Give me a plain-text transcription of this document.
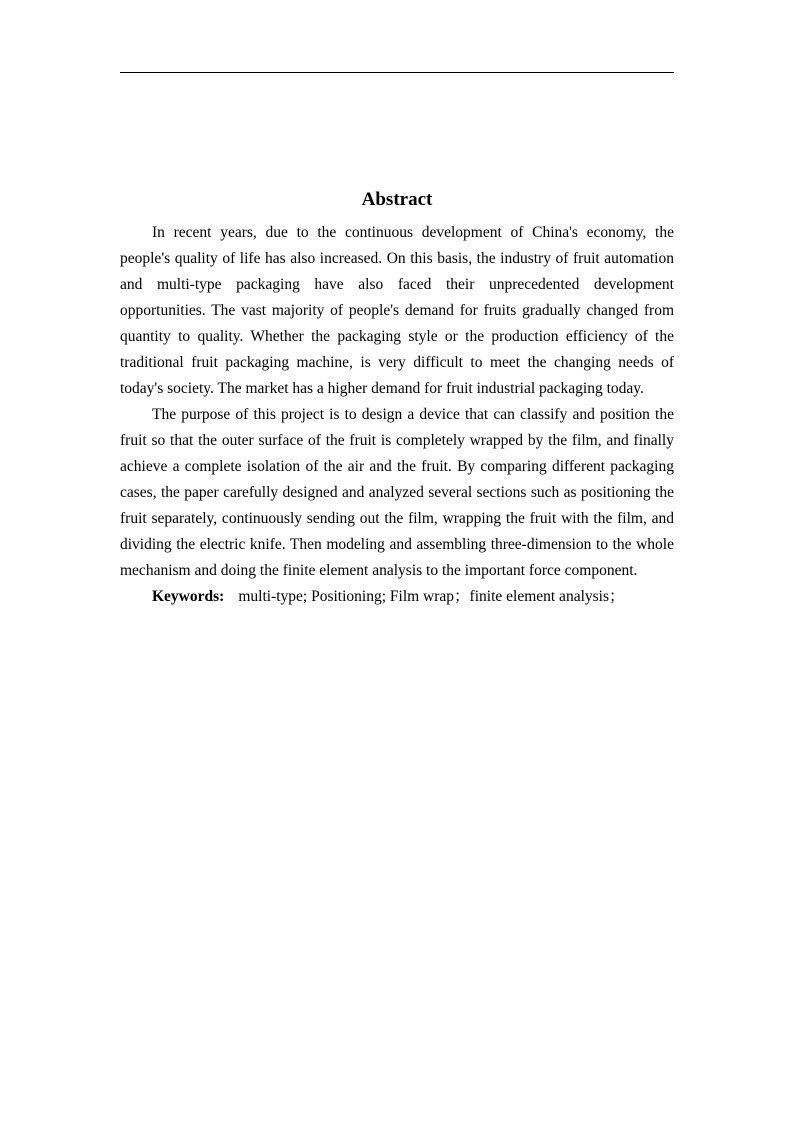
Abstract

In recent years, due to the continuous development of China's economy, the people's quality of life has also increased. On this basis, the industry of fruit automation and multi-type packaging have also faced their unprecedented development opportunities. The vast majority of people's demand for fruits gradually changed from quantity to quality. Whether the packaging style or the production efficiency of the traditional fruit packaging machine, is very difficult to meet the changing needs of today's society. The market has a higher demand for fruit industrial packaging today.

The purpose of this project is to design a device that can classify and position the fruit so that the outer surface of the fruit is completely wrapped by the film, and finally achieve a complete isolation of the air and the fruit. By comparing different packaging cases, the paper carefully designed and analyzed several sections such as positioning the fruit separately, continuously sending out the film, wrapping the fruit with the film, and dividing the electric knife. Then modeling and assembling three-dimension to the whole mechanism and doing the finite element analysis to the important force component.

Keywords: multi-type; Positioning; Film wrap；finite element analysis；
